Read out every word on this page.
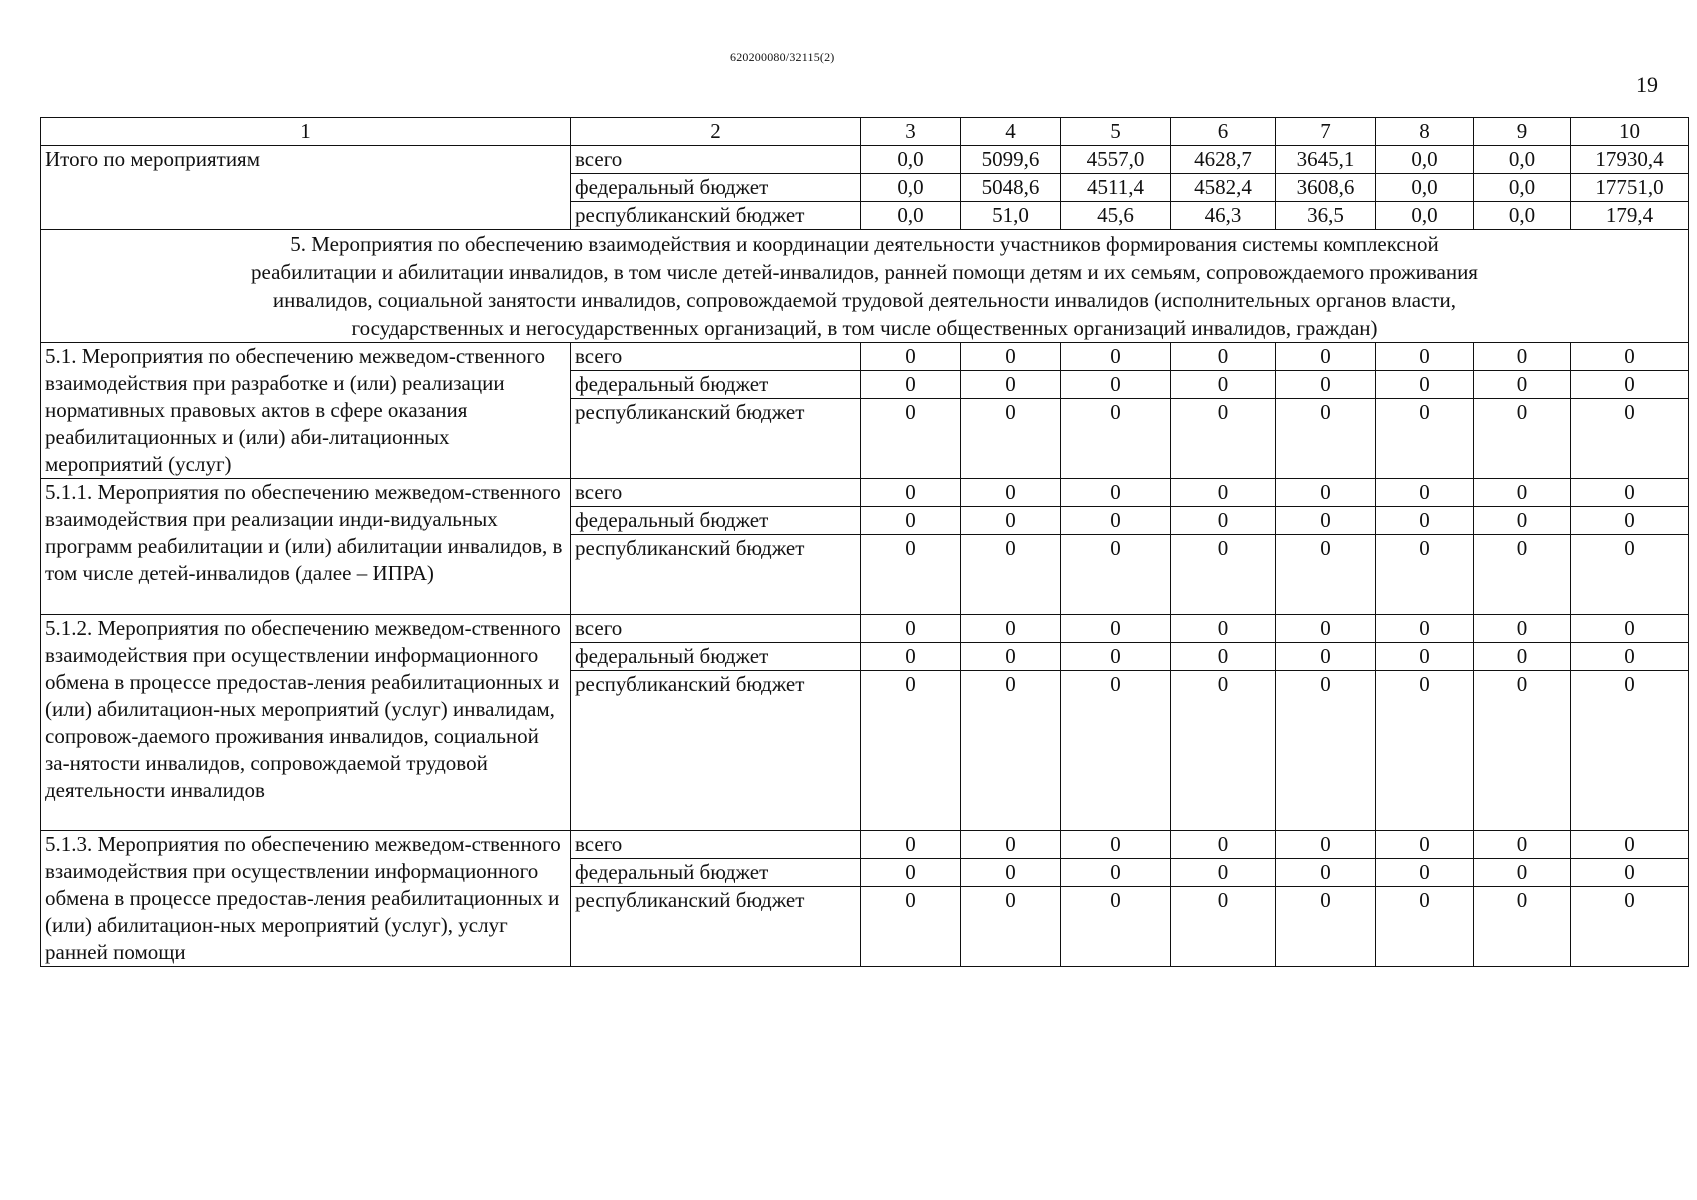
620200080/32115(2)
19
1	2	3	4	5	6	7	8	9	10
Итого по мероприятиям	всего	0,0	5099,6	4557,0	4628,7	3645,1	0,0	0,0	17930,4
	федеральный бюджет	0,0	5048,6	4511,4	4582,4	3608,6	0,0	0,0	17751,0
	республиканский бюджет	0,0	51,0	45,6	46,3	36,5	0,0	0,0	179,4
5. Мероприятия по обеспечению взаимодействия и координации деятельности участников формирования системы комплексной реабилитации и абилитации инвалидов, в том числе детей-инвалидов, ранней помощи детям и их семьям, сопровождаемого проживания инвалидов, социальной занятости инвалидов, сопровождаемой трудовой деятельности инвалидов (исполнительных органов власти, государственных и негосударственных организаций, в том числе общественных организаций инвалидов, граждан)									
5.1. Мероприятия по обеспечению межведом-ственного взаимодействия при разработке и (или) реализации нормативных правовых актов в сфере оказания реабилитационных и (или) аби-литационных мероприятий (услуг)	всего	0	0	0	0	0	0	0	0
	федеральный бюджет	0	0	0	0	0	0	0	0
	республиканский бюджет	0	0	0	0	0	0	0	0
5.1.1. Мероприятия по обеспечению межведом-ственного взаимодействия при реализации инди-видуальных программ реабилитации и (или) абилитации инвалидов, в том числе детей-инвалидов (далее – ИПРА)	всего	0	0	0	0	0	0	0	0
	федеральный бюджет	0	0	0	0	0	0	0	0
	республиканский бюджет	0	0	0	0	0	0	0	0
5.1.2. Мероприятия по обеспечению межведом-ственного взаимодействия при осуществлении информационного обмена в процессе предостав-ления реабилитационных и (или) абилитацион-ных мероприятий (услуг) инвалидам, сопровож-даемого проживания инвалидов, социальной за-нятости инвалидов, сопровождаемой трудовой деятельности инвалидов	всего	0	0	0	0	0	0	0	0
	федеральный бюджет	0	0	0	0	0	0	0	0
	республиканский бюджет	0	0	0	0	0	0	0	0
5.1.3. Мероприятия по обеспечению межведом-ственного взаимодействия при осуществлении информационного обмена в процессе предостав-ления реабилитационных и (или) абилитацион-ных мероприятий (услуг), услуг ранней помощи	всего	0	0	0	0	0	0	0	0
	федеральный бюджет	0	0	0	0	0	0	0	0
	республиканский бюджет	0	0	0	0	0	0	0	0
